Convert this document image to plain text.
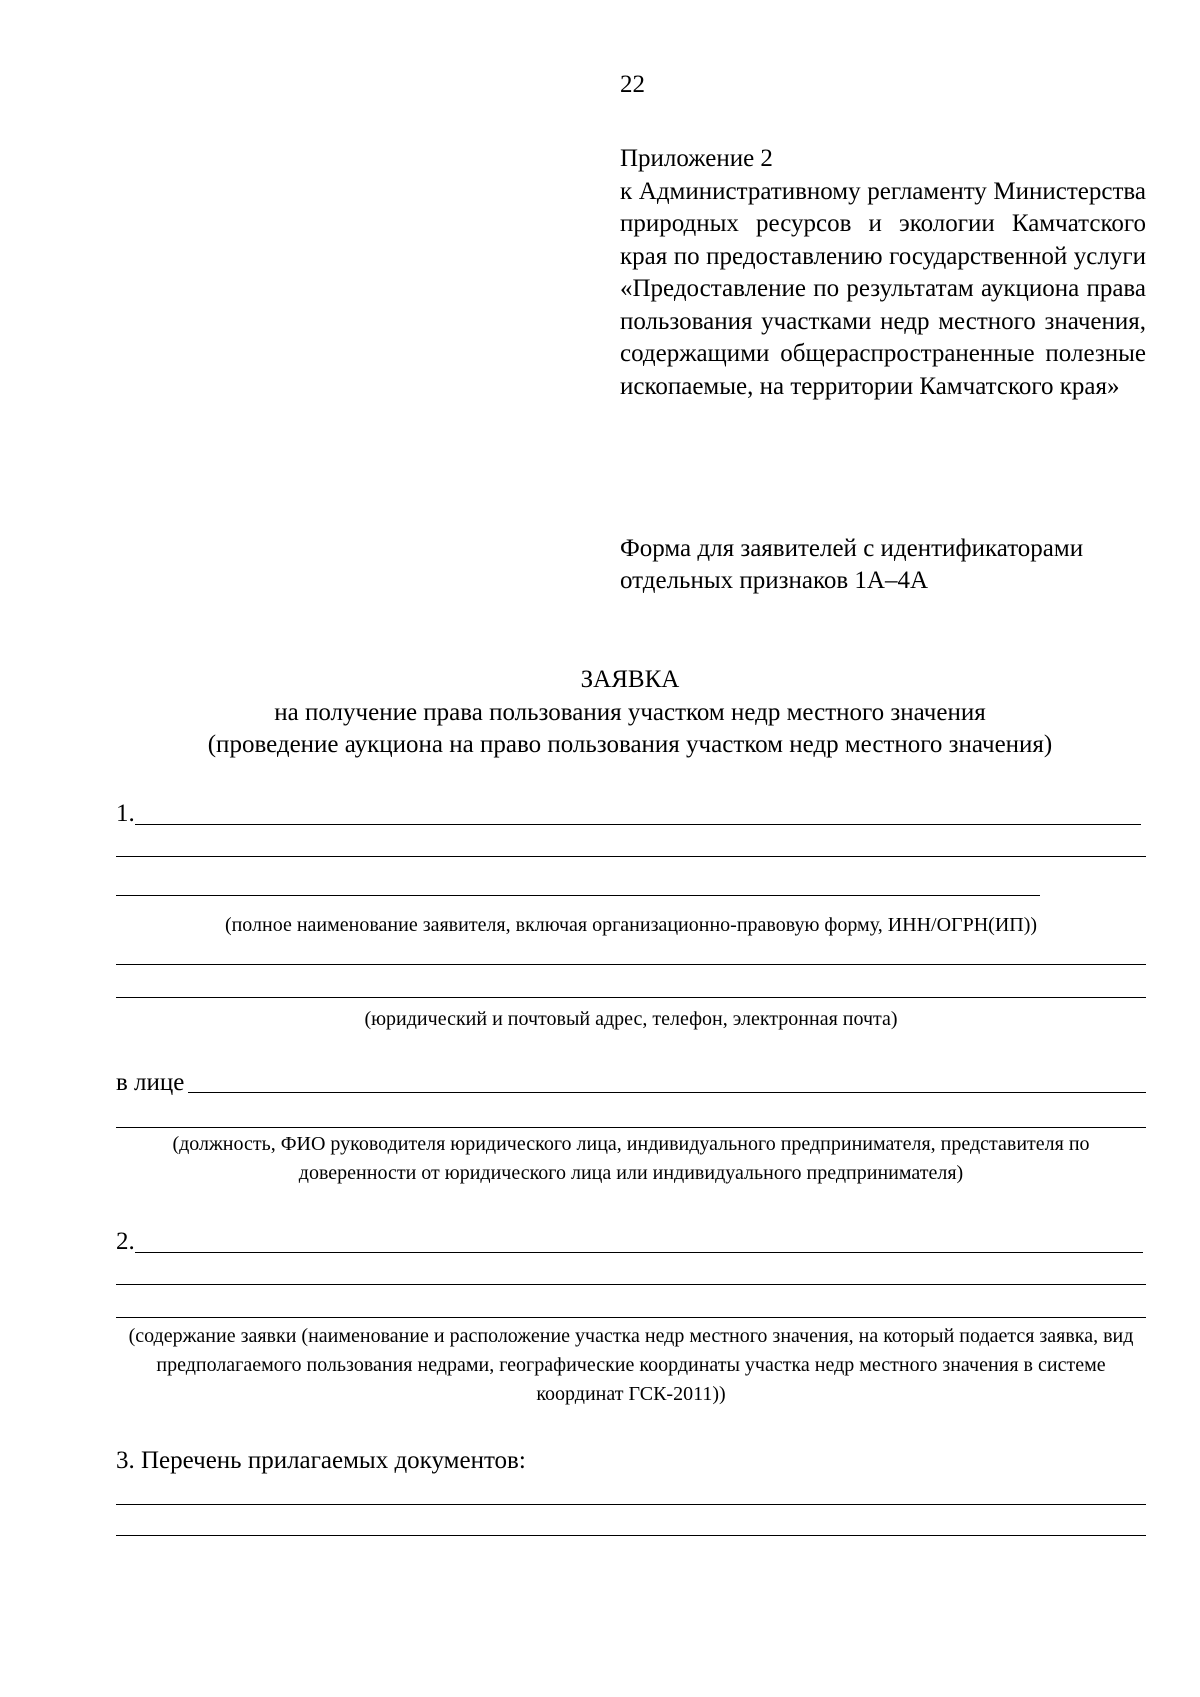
22
Приложение 2
к Административному регламенту Министерства природных ресурсов и экологии Камчатского края по предоставлению государственной услуги «Предоставление по результатам аукциона права пользования участками недр местного значения, содержащими общераспространенные полезные ископаемые, на территории Камчатского края»
Форма для заявителей с идентификаторами отдельных признаков 1А–4А
ЗАЯВКА
на получение права пользования участком недр местного значения
(проведение аукциона на право пользования участком недр местного значения)
1.
(полное наименование заявителя, включая организационно-правовую форму, ИНН/ОГРН(ИП))
(юридический и почтовый адрес, телефон, электронная почта)
в лице
(должность, ФИО руководителя юридического лица, индивидуального предпринимателя, представителя по доверенности от юридического лица или индивидуального предпринимателя)
2.
(содержание заявки (наименование и расположение участка недр местного значения, на который подается заявка, вид предполагаемого пользования недрами, географические координаты участка недр местного значения в системе координат ГСК-2011))
3. Перечень прилагаемых документов:
